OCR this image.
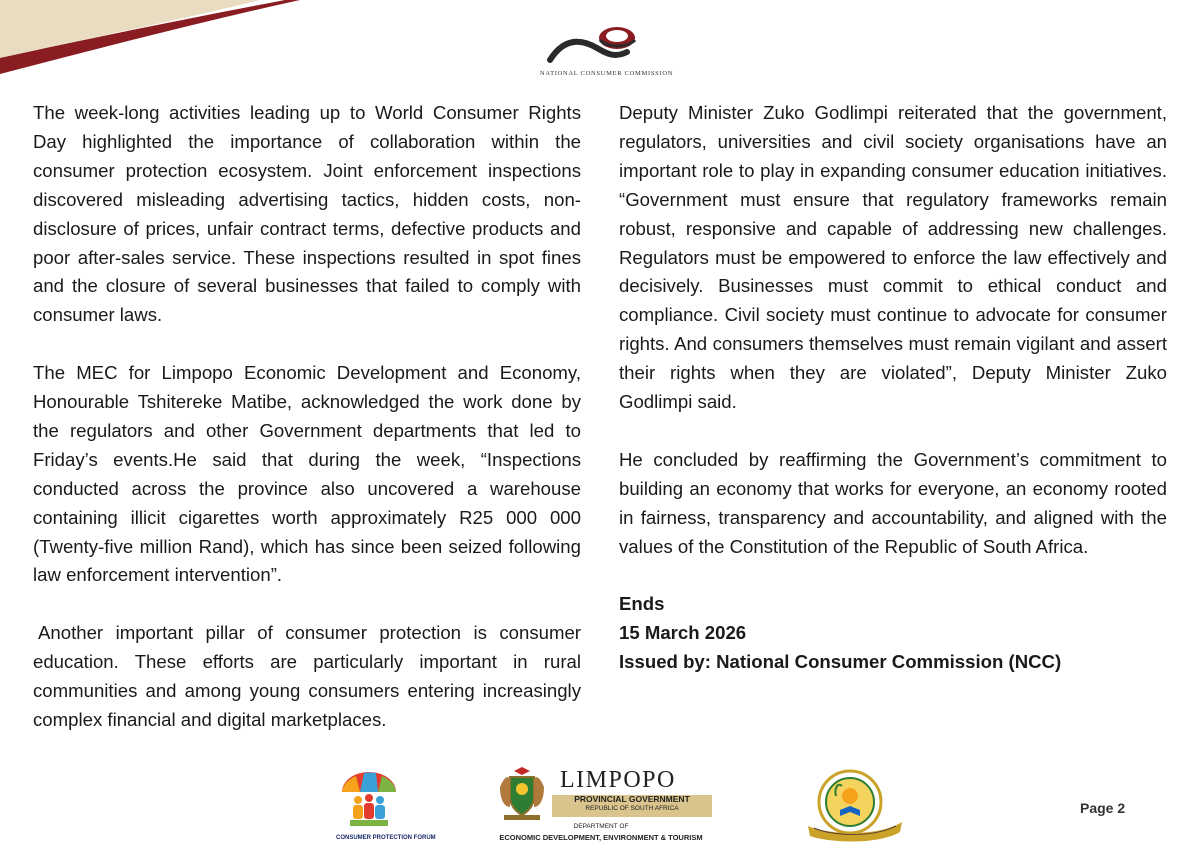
NATIONAL CONSUMER COMMISSION

The week-long activities leading up to World Consumer Rights Day highlighted the importance of collaboration within the consumer protection ecosystem. Joint enforcement inspections discovered misleading advertising tactics, hidden costs, non-disclosure of prices, unfair contract terms, defective products and poor after-sales service. These inspections resulted in spot fines and the closure of several businesses that failed to comply with consumer laws.

The MEC for Limpopo Economic Development and Economy, Honourable Tshitereke Matibe, acknowledged the work done by the regulators and other Government departments that led to Friday’s events.He said that during the week, “Inspections conducted across the province also uncovered a warehouse containing illicit cigarettes worth approximately R25 000 000 (Twenty-five million Rand), which has since been seized following law enforcement intervention”.

Another important pillar of consumer protection is consumer education. These efforts are particularly important in rural communities and among young consumers entering increasingly complex financial and digital marketplaces.

Deputy Minister Zuko Godlimpi reiterated that the government, regulators, universities and civil society organisations have an important role to play in expanding consumer education initiatives. “Government must ensure that regulatory frameworks remain robust, responsive and capable of addressing new challenges. Regulators must be empowered to enforce the law effectively and decisively. Businesses must commit to ethical conduct and compliance. Civil society must continue to advocate for consumer rights. And consumers themselves must remain vigilant and assert their rights when they are violated”, Deputy Minister Zuko Godlimpi said.

He concluded by reaffirming the Government’s commitment to building an economy that works for everyone, an economy rooted in fairness, transparency and accountability, and aligned with the values of the Constitution of the Republic of South Africa.

Ends
15 March 2026
Issued by: National Consumer Commission (NCC)
CONSUMER PROTECTION FORUM
LIMPOPO
PROVINCIAL GOVERNMENT
REPUBLIC OF SOUTH AFRICA
DEPARTMENT OF
ECONOMIC DEVELOPMENT, ENVIRONMENT & TOURISM
Page 2
